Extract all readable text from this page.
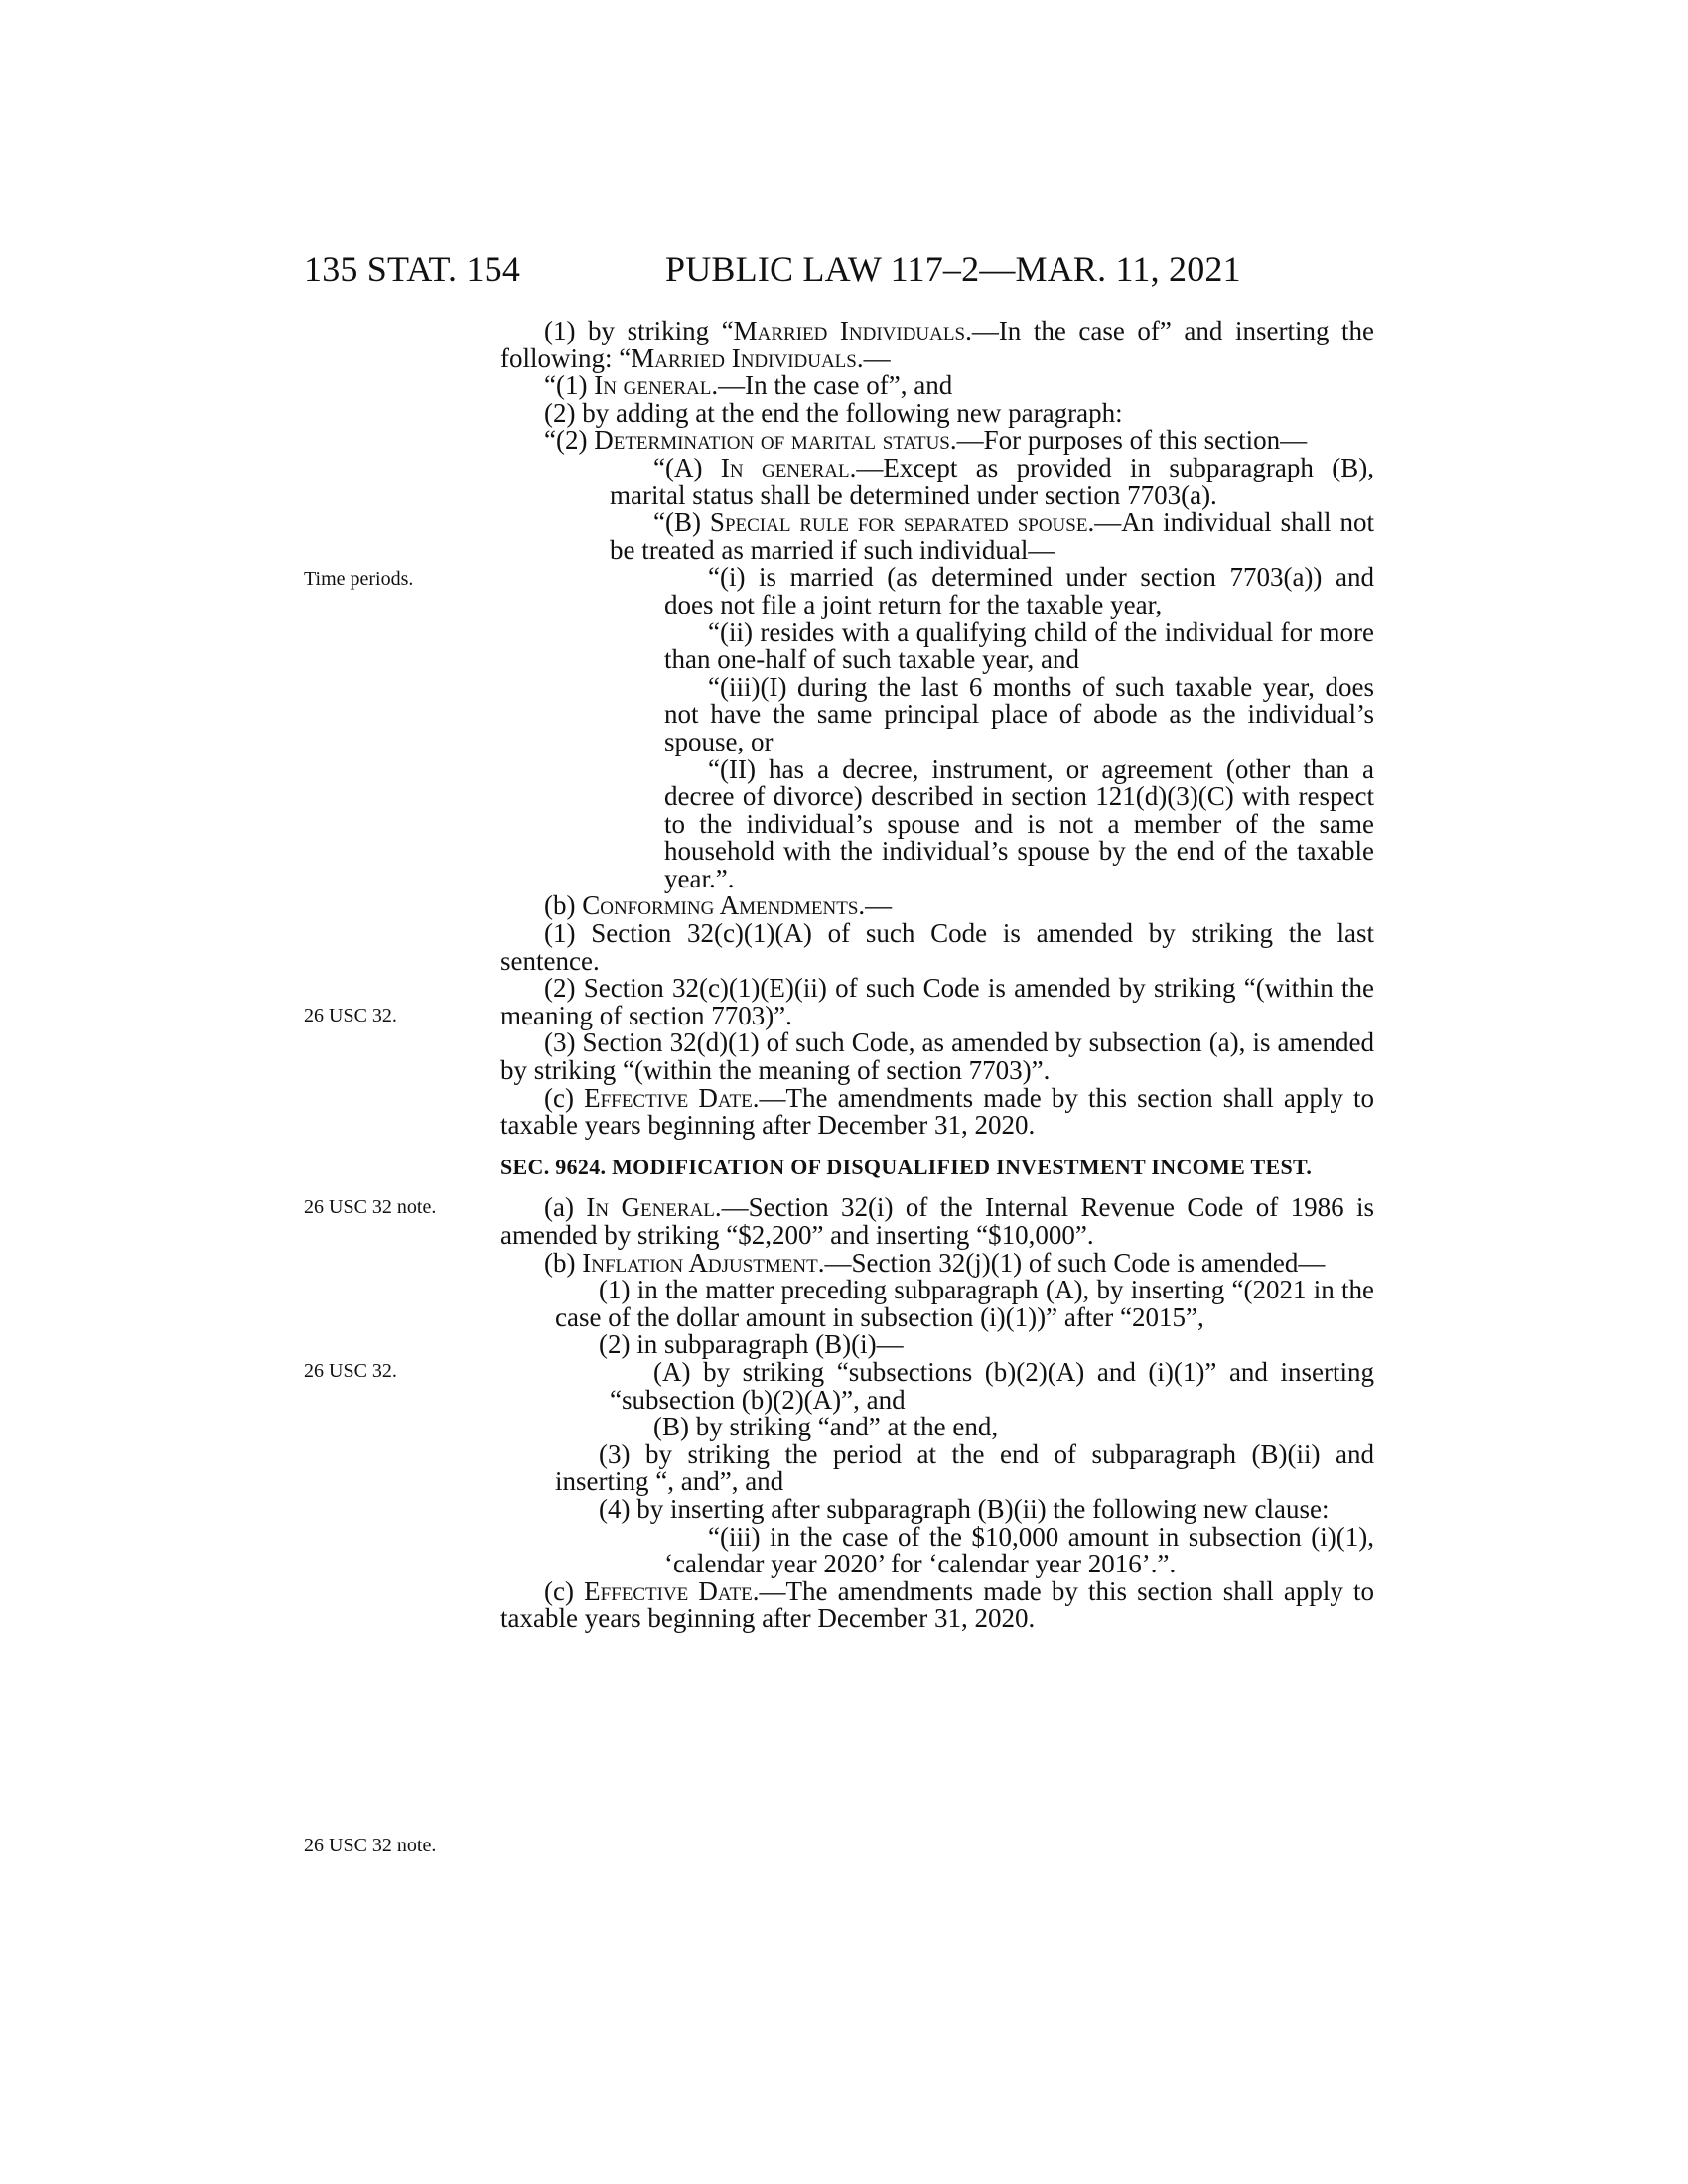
135 STAT. 154	PUBLIC LAW 117–2—MAR. 11, 2021
Time periods.
26 USC 32.
26 USC 32 note.
26 USC 32.
26 USC 32 note.

(1) by striking “Married Individuals.—In the case of” and inserting the following: “Married Individuals.—

“(1) In general.—In the case of”, and

(2) by adding at the end the following new paragraph:

“(2) Determination of marital status.—For purposes of this section—

“(A) In general.—Except as provided in subparagraph (B), marital status shall be determined under section 7703(a).

“(B) Special rule for separated spouse.—An individual shall not be treated as married if such individual—

“(i) is married (as determined under section 7703(a)) and does not file a joint return for the taxable year,

“(ii) resides with a qualifying child of the individual for more than one-half of such taxable year, and

“(iii)(I) during the last 6 months of such taxable year, does not have the same principal place of abode as the individual’s spouse, or

“(II) has a decree, instrument, or agreement (other than a decree of divorce) described in section 121(d)(3)(C) with respect to the individual’s spouse and is not a member of the same household with the individual’s spouse by the end of the taxable year.”.

(b) Conforming Amendments.—

(1) Section 32(c)(1)(A) of such Code is amended by striking the last sentence.

(2) Section 32(c)(1)(E)(ii) of such Code is amended by striking “(within the meaning of section 7703)”.

(3) Section 32(d)(1) of such Code, as amended by subsection (a), is amended by striking “(within the meaning of section 7703)”.

(c) Effective Date.—The amendments made by this section shall apply to taxable years beginning after December 31, 2020.

SEC. 9624. MODIFICATION OF DISQUALIFIED INVESTMENT INCOME TEST.

(a) In General.—Section 32(i) of the Internal Revenue Code of 1986 is amended by striking “$2,200” and inserting “$10,000”.

(b) Inflation Adjustment.—Section 32(j)(1) of such Code is amended—

(1) in the matter preceding subparagraph (A), by inserting “(2021 in the case of the dollar amount in subsection (i)(1))” after “2015”,

(2) in subparagraph (B)(i)—

(A) by striking “subsections (b)(2)(A) and (i)(1)” and inserting “subsection (b)(2)(A)”, and

(B) by striking “and” at the end,

(3) by striking the period at the end of subparagraph (B)(ii) and inserting “, and”, and

(4) by inserting after subparagraph (B)(ii) the following new clause:

“(iii) in the case of the $10,000 amount in subsection (i)(1), ‘calendar year 2020’ for ‘calendar year 2016’.”.

(c) Effective Date.—The amendments made by this section shall apply to taxable years beginning after December 31, 2020.
